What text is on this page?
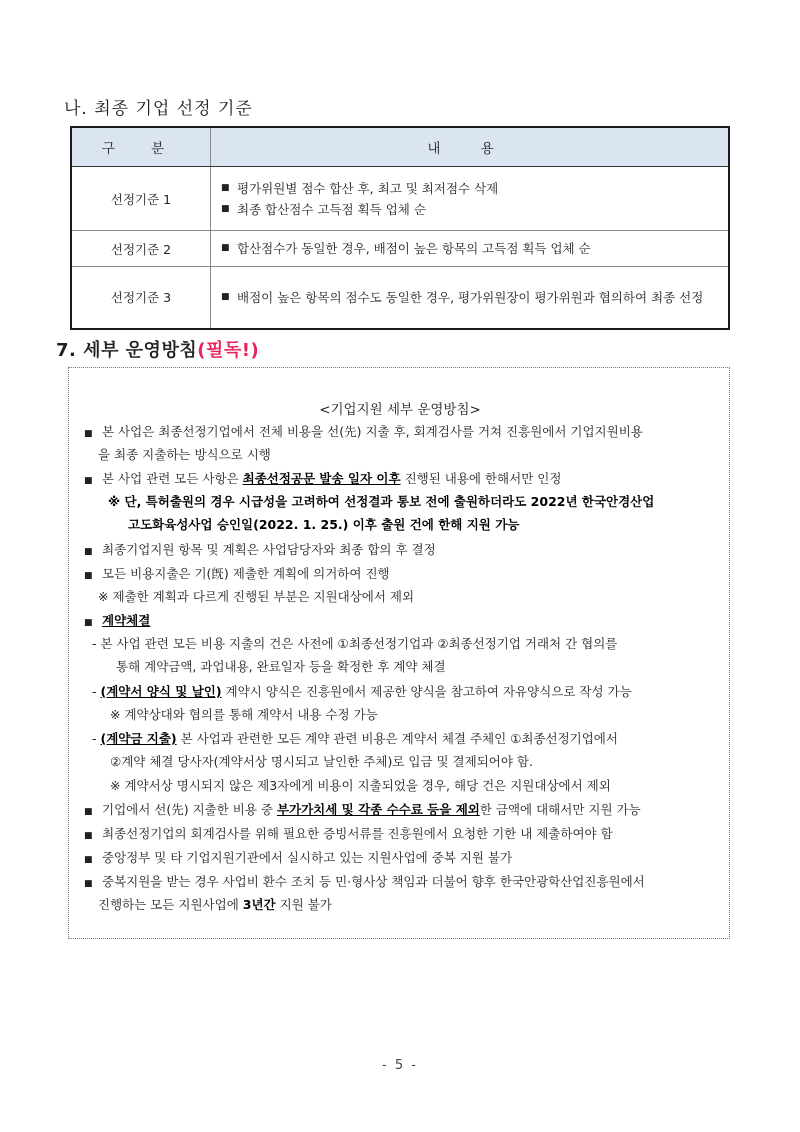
나. 최종 기업 선정 기준
구 분	내 용
선정기준 1	■ 평가위원별 점수 합산 후, 최고 및 최저점수 삭제
■ 최종 합산점수 고득점 획득 업체 순

선정기준 2	■ 합산점수가 동일한 경우, 배점이 높은 항목의 고득점 획득 업체 순

선정기준 3	■ 배점이 높은 항목의 점수도 동일한 경우, 평가위원장이 평가위원과 협의하여 최종 선정
7. 세부 운영방침(필독!)
<기업지원 세부 운영방침>
■ 본 사업은 최종선정기업에서 전체 비용을 선(先) 지출 후, 회계검사를 거쳐 진흥원에서 기업지원비용
을 최종 지출하는 방식으로 시행
■ 본 사업 관련 모든 사항은 최종선정공문 발송 일자 이후 진행된 내용에 한해서만 인정
※ 단, 특허출원의 경우 시급성을 고려하여 선정결과 통보 전에 출원하더라도 2022년 한국안경산업
고도화육성사업 승인일(2022. 1. 25.) 이후 출원 건에 한해 지원 가능
■ 최종기업지원 항목 및 계획은 사업담당자와 최종 합의 후 결정
■ 모든 비용지출은 기(旣) 제출한 계획에 의거하여 진행
※ 제출한 계획과 다르게 진행된 부분은 지원대상에서 제외
■ 계약체결
- 본 사업 관련 모든 비용 지출의 건은 사전에 ①최종선정기업과 ②최종선정기업 거래처 간 협의를
통해 계약금액, 과업내용, 완료일자 등을 확정한 후 계약 체결
- (계약서 양식 및 날인) 계약시 양식은 진흥원에서 제공한 양식을 참고하여 자유양식으로 작성 가능
※ 계약상대와 협의를 통해 계약서 내용 수정 가능
- (계약금 지출) 본 사업과 관련한 모든 계약 관련 비용은 계약서 체결 주체인 ①최종선정기업에서
②계약 체결 당사자(계약서상 명시되고 날인한 주체)로 입금 및 결제되어야 함.
※ 계약서상 명시되지 않은 제3자에게 비용이 지출되었을 경우, 해당 건은 지원대상에서 제외
■ 기업에서 선(先) 지출한 비용 중 부가가치세 및 각종 수수료 등을 제외한 금액에 대해서만 지원 가능
■ 최종선정기업의 회계검사를 위해 필요한 증빙서류를 진흥원에서 요청한 기한 내 제출하여야 함
■ 중앙정부 및 타 기업지원기관에서 실시하고 있는 지원사업에 중복 지원 불가
■ 중복지원을 받는 경우 사업비 환수 조치 등 민·형사상 책임과 더불어 향후 한국안광학산업진흥원에서
진행하는 모든 지원사업에 3년간 지원 불가
- 5 -
